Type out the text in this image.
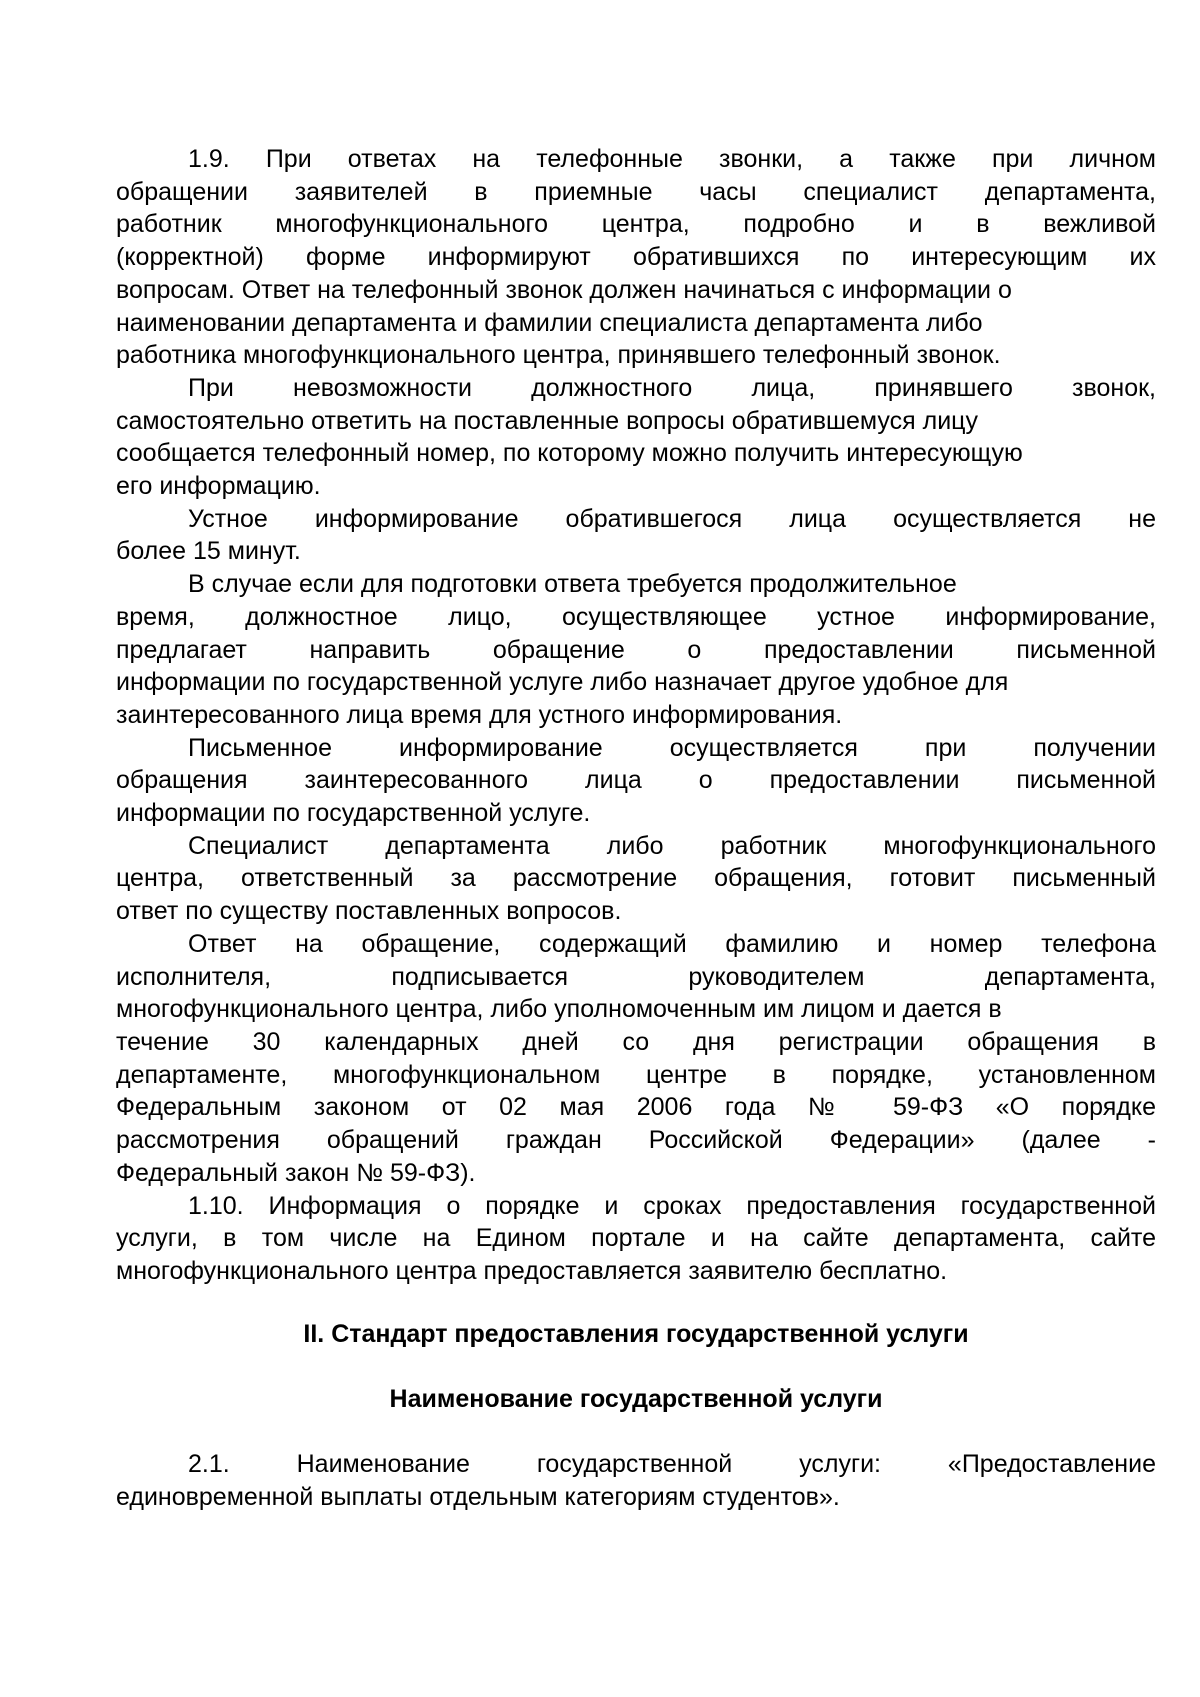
1.9. При ответах на телефонные звонки, а также при личном
обращении заявителей в приемные часы специалист департамента,
работник многофункционального центра, подробно и в вежливой
(корректной) форме информируют обратившихся по интересующим их
вопросам. Ответ на телефонный звонок должен начинаться с информации о
наименовании департамента и фамилии специалиста департамента либо
работника многофункционального центра, принявшего телефонный звонок.

При невозможности должностного лица, принявшего звонок,
самостоятельно ответить на поставленные вопросы обратившемуся лицу
сообщается телефонный номер, по которому можно получить интересующую
его информацию.

Устное информирование обратившегося лица осуществляется не
более 15 минут.

В случае если для подготовки ответа требуется продолжительное
время, должностное лицо, осуществляющее устное информирование,
предлагает направить обращение о предоставлении письменной
информации по государственной услуге либо назначает другое удобное для
заинтересованного лица время для устного информирования.

Письменное информирование осуществляется при получении
обращения заинтересованного лица о предоставлении письменной
информации по государственной услуге.

Специалист департамента либо работник многофункционального
центра, ответственный за рассмотрение обращения, готовит письменный
ответ по существу поставленных вопросов.

Ответ на обращение, содержащий фамилию и номер телефона
исполнителя, подписывается руководителем департамента,
многофункционального центра, либо уполномоченным им лицом и дается в
течение 30 календарных дней со дня регистрации обращения в
департаменте, многофункциональном центре в порядке, установленном
Федеральным законом от 02 мая 2006 года № 59-ФЗ «О порядке
рассмотрения обращений граждан Российской Федерации» (далее -
Федеральный закон № 59-ФЗ).

1.10. Информация о порядке и сроках предоставления государственной
услуги, в том числе на Едином портале и на сайте департамента, сайте
многофункционального центра предоставляется заявителю бесплатно.

II. Стандарт предоставления государственной услуги

Наименование государственной услуги

2.1. Наименование государственной услуги: «Предоставление
единовременной выплаты отдельным категориям студентов».
